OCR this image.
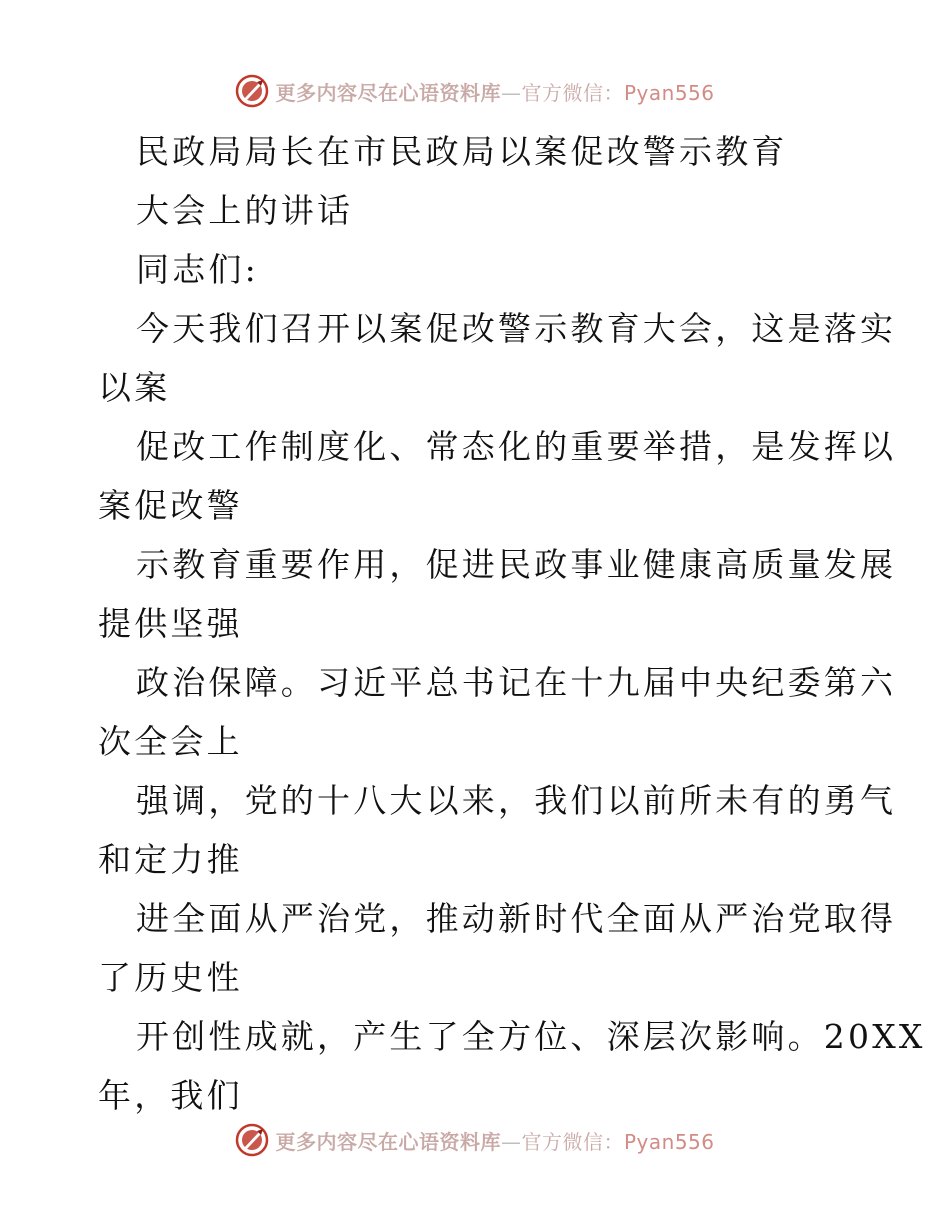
更多内容尽在心语资料库—官方微信：Pyan556
民政局局长在市民政局以案促改警示教育
大会上的讲话
同志们:
今天我们召开以案促改警示教育大会，这是落实
以案
促改工作制度化、常态化的重要举措，是发挥以
案促改警
示教育重要作用，促进民政事业健康高质量发展
提供坚强
政治保障。习近平总书记在十九届中央纪委第六
次全会上
强调，党的十八大以来，我们以前所未有的勇气
和定力推
进全面从严治党，推动新时代全面从严治党取得
了历史性
开创性成就，产生了全方位、深层次影响。20XX
年，我们
更多内容尽在心语资料库—官方微信：Pyan556
